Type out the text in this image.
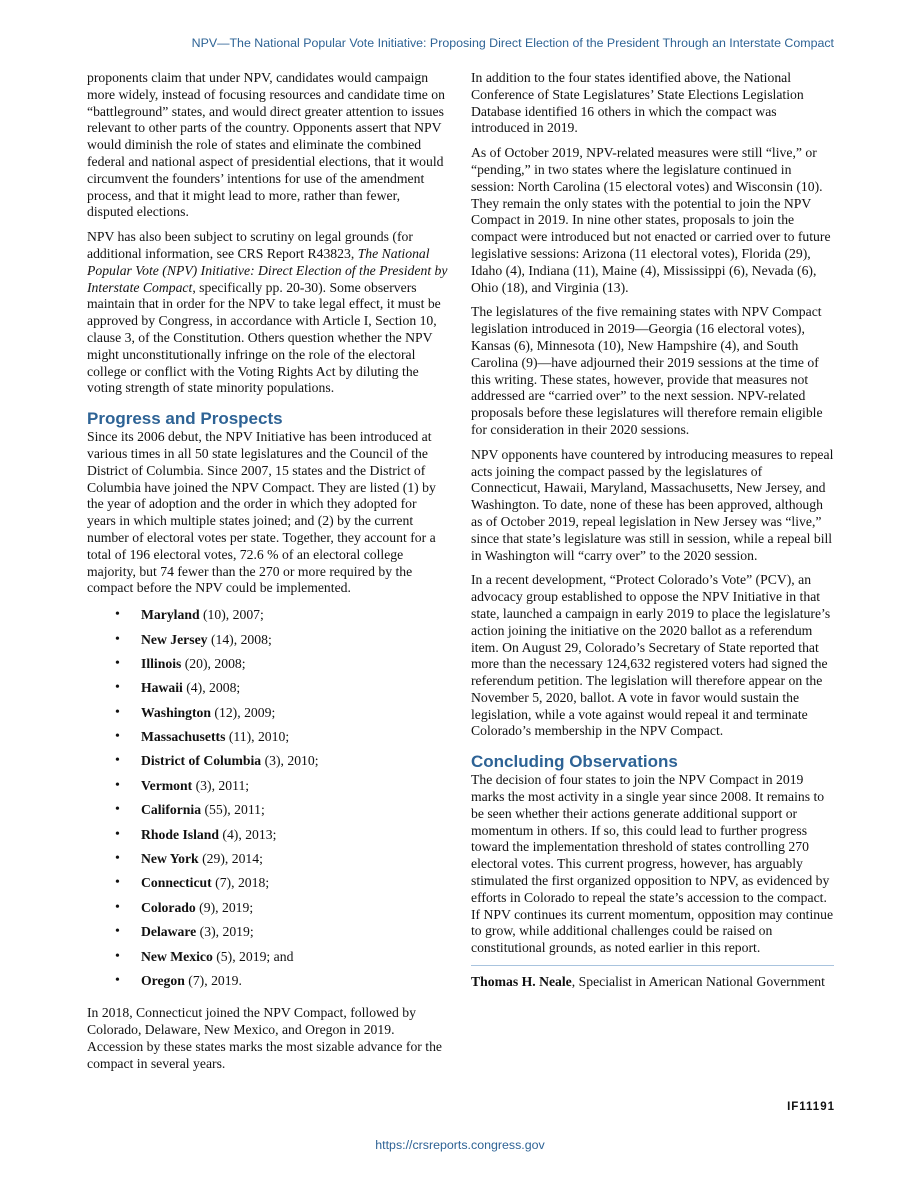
NPV—The National Popular Vote Initiative: Proposing Direct Election of the President Through an Interstate Compact

proponents claim that under NPV, candidates would campaign more widely, instead of focusing resources and candidate time on “battleground” states, and would direct greater attention to issues relevant to other parts of the country. Opponents assert that NPV would diminish the role of states and eliminate the combined federal and national aspect of presidential elections, that it would circumvent the founders’ intentions for use of the amendment process, and that it might lead to more, rather than fewer, disputed elections.

NPV has also been subject to scrutiny on legal grounds (for additional information, see CRS Report R43823, The National Popular Vote (NPV) Initiative: Direct Election of the President by Interstate Compact, specifically pp. 20-30). Some observers maintain that in order for the NPV to take legal effect, it must be approved by Congress, in accordance with Article I, Section 10, clause 3, of the Constitution. Others question whether the NPV might unconstitutionally infringe on the role of the electoral college or conflict with the Voting Rights Act by diluting the voting strength of state minority populations.

Progress and Prospects

Since its 2006 debut, the NPV Initiative has been introduced at various times in all 50 state legislatures and the Council of the District of Columbia. Since 2007, 15 states and the District of Columbia have joined the NPV Compact. They are listed (1) by the year of adoption and the order in which they adopted for years in which multiple states joined; and (2) by the current number of electoral votes per state. Together, they account for a total of 196 electoral votes, 72.6 % of an electoral college majority, but 74 fewer than the 270 or more required by the compact before the NPV could be implemented.

• Maryland (10), 2007;
• New Jersey (14), 2008;
• Illinois (20), 2008;
• Hawaii (4), 2008;
• Washington (12), 2009;
• Massachusetts (11), 2010;
• District of Columbia (3), 2010;
• Vermont (3), 2011;
• California (55), 2011;
• Rhode Island (4), 2013;
• New York (29), 2014;
• Connecticut (7), 2018;
• Colorado (9), 2019;
• Delaware (3), 2019;
• New Mexico (5), 2019; and
• Oregon (7), 2019.

In 2018, Connecticut joined the NPV Compact, followed by Colorado, Delaware, New Mexico, and Oregon in 2019. Accession by these states marks the most sizable advance for the compact in several years.

In addition to the four states identified above, the National Conference of State Legislatures’ State Elections Legislation Database identified 16 others in which the compact was introduced in 2019.

As of October 2019, NPV-related measures were still “live,” or “pending,” in two states where the legislature continued in session: North Carolina (15 electoral votes) and Wisconsin (10). They remain the only states with the potential to join the NPV Compact in 2019. In nine other states, proposals to join the compact were introduced but not enacted or carried over to future legislative sessions: Arizona (11 electoral votes), Florida (29), Idaho (4), Indiana (11), Maine (4), Mississippi (6), Nevada (6), Ohio (18), and Virginia (13).

The legislatures of the five remaining states with NPV Compact legislation introduced in 2019—Georgia (16 electoral votes), Kansas (6), Minnesota (10), New Hampshire (4), and South Carolina (9)—have adjourned their 2019 sessions at the time of this writing. These states, however, provide that measures not addressed are “carried over” to the next session. NPV-related proposals before these legislatures will therefore remain eligible for consideration in their 2020 sessions.

NPV opponents have countered by introducing measures to repeal acts joining the compact passed by the legislatures of Connecticut, Hawaii, Maryland, Massachusetts, New Jersey, and Washington. To date, none of these has been approved, although as of October 2019, repeal legislation in New Jersey was “live,” since that state’s legislature was still in session, while a repeal bill in Washington will “carry over” to the 2020 session.

In a recent development, “Protect Colorado’s Vote” (PCV), an advocacy group established to oppose the NPV Initiative in that state, launched a campaign in early 2019 to place the legislature’s action joining the initiative on the 2020 ballot as a referendum item. On August 29, Colorado’s Secretary of State reported that more than the necessary 124,632 registered voters had signed the referendum petition. The legislation will therefore appear on the November 5, 2020, ballot. A vote in favor would sustain the legislation, while a vote against would repeal it and terminate Colorado’s membership in the NPV Compact.

Concluding Observations

The decision of four states to join the NPV Compact in 2019 marks the most activity in a single year since 2008. It remains to be seen whether their actions generate additional support or momentum in others. If so, this could lead to further progress toward the implementation threshold of states controlling 270 electoral votes. This current progress, however, has arguably stimulated the first organized opposition to NPV, as evidenced by efforts in Colorado to repeal the state’s accession to the compact. If NPV continues its current momentum, opposition may continue to grow, while additional challenges could be raised on constitutional grounds, as noted earlier in this report.

Thomas H. Neale, Specialist in American National Government

IF11191
https://crsreports.congress.gov
